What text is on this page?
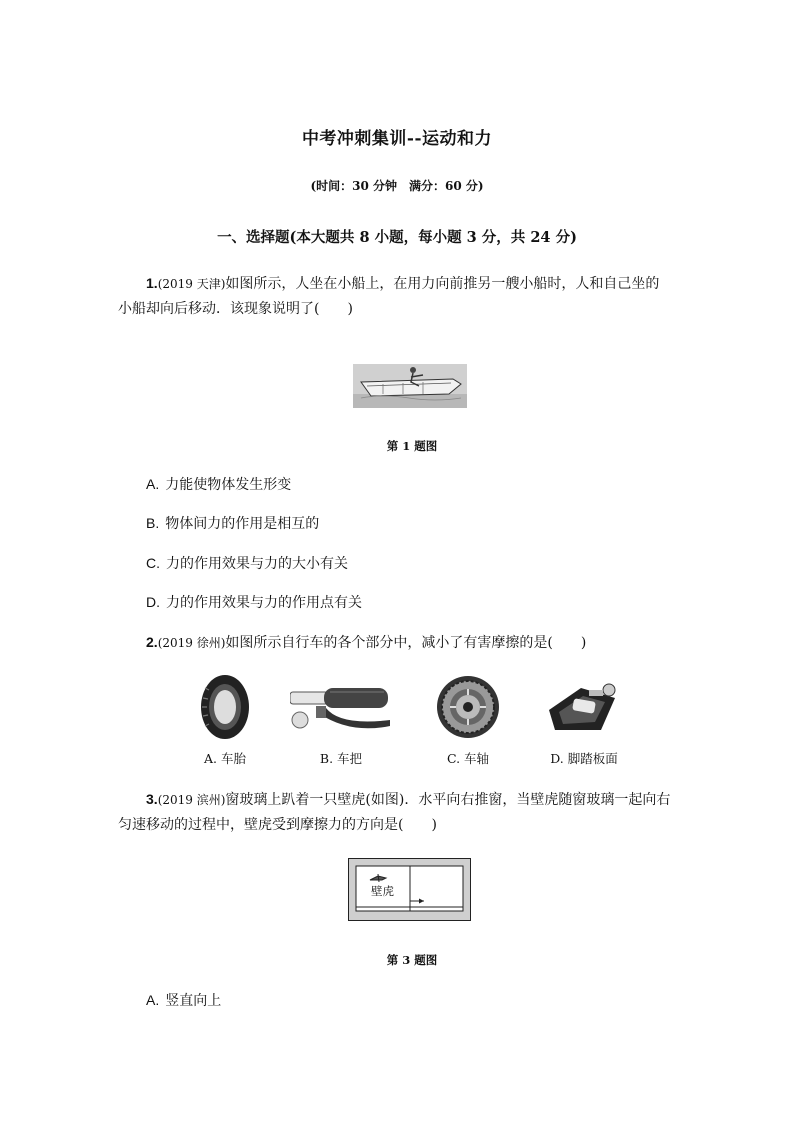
中考冲刺集训--运动和力
(时间：30 分钟　满分：60 分)
一、选择题(本大题共 8 小题，每小题 3 分，共 24 分)
1.(2019 天津)如图所示，人坐在小船上，在用力向前推另一艘小船时，人和自己坐的
小船却向后移动．该现象说明了(　　)
第 1 题图
A. 力能使物体发生形变
B. 物体间力的作用是相互的
C. 力的作用效果与力的大小有关
D. 力的作用效果与力的作用点有关
2.(2019 徐州)如图所示自行车的各个部分中，减小了有害摩擦的是(　　)
A. 车胎	B. 车把	C. 车轴	D. 脚踏板面
3.(2019 滨州)窗玻璃上趴着一只壁虎(如图)．水平向右推窗，当壁虎随窗玻璃一起向右
匀速移动的过程中，壁虎受到摩擦力的方向是(　　)
壁虎
第 3 题图
A. 竖直向上
